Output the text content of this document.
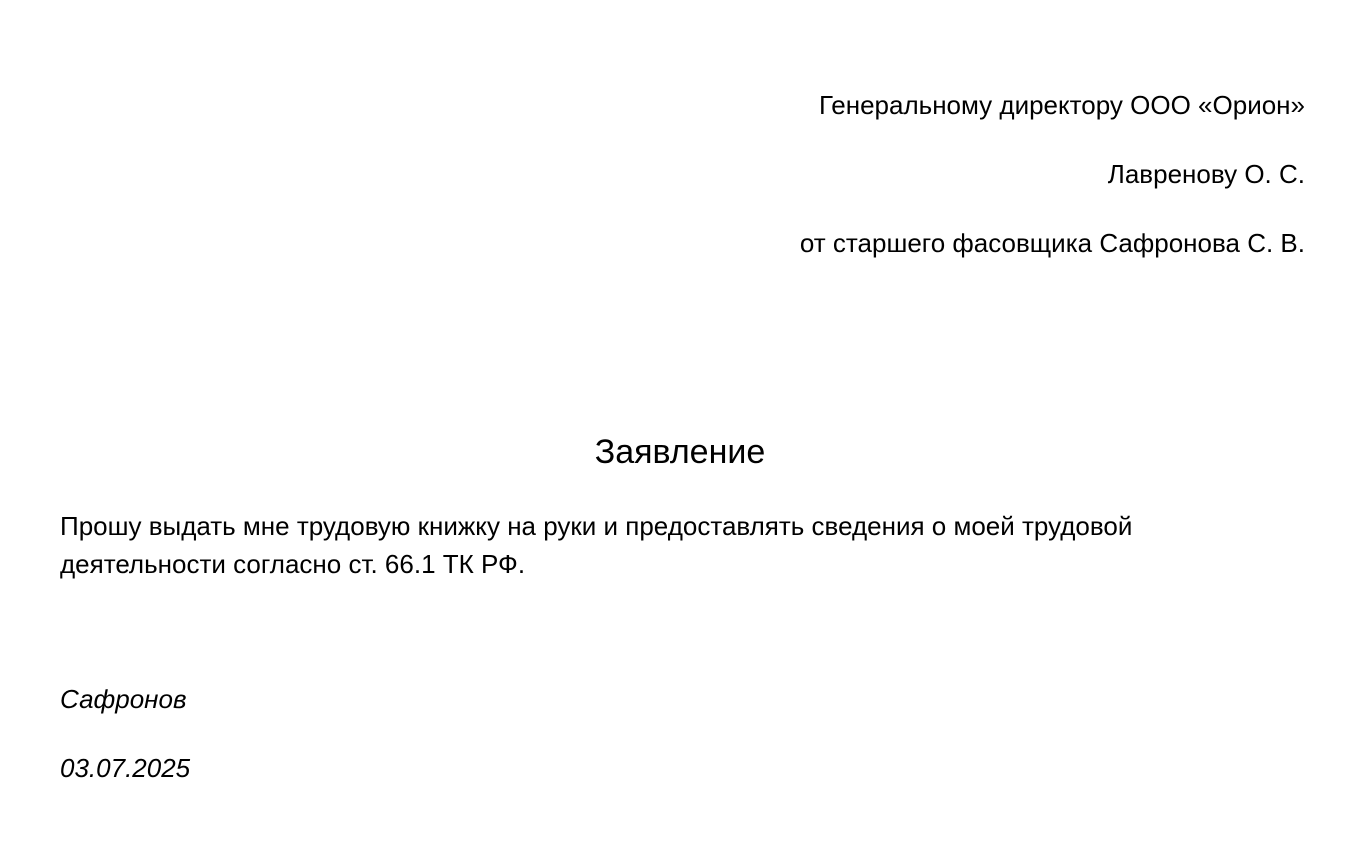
Генеральному директору ООО «Орион»

Лавренову О. С.

от старшего фасовщика Сафронова С. В.

Заявление

Прошу выдать мне трудовую книжку на руки и предоставлять сведения о моей трудовой деятельности согласно ст. 66.1 ТК РФ.

Сафронов

03.07.2025
